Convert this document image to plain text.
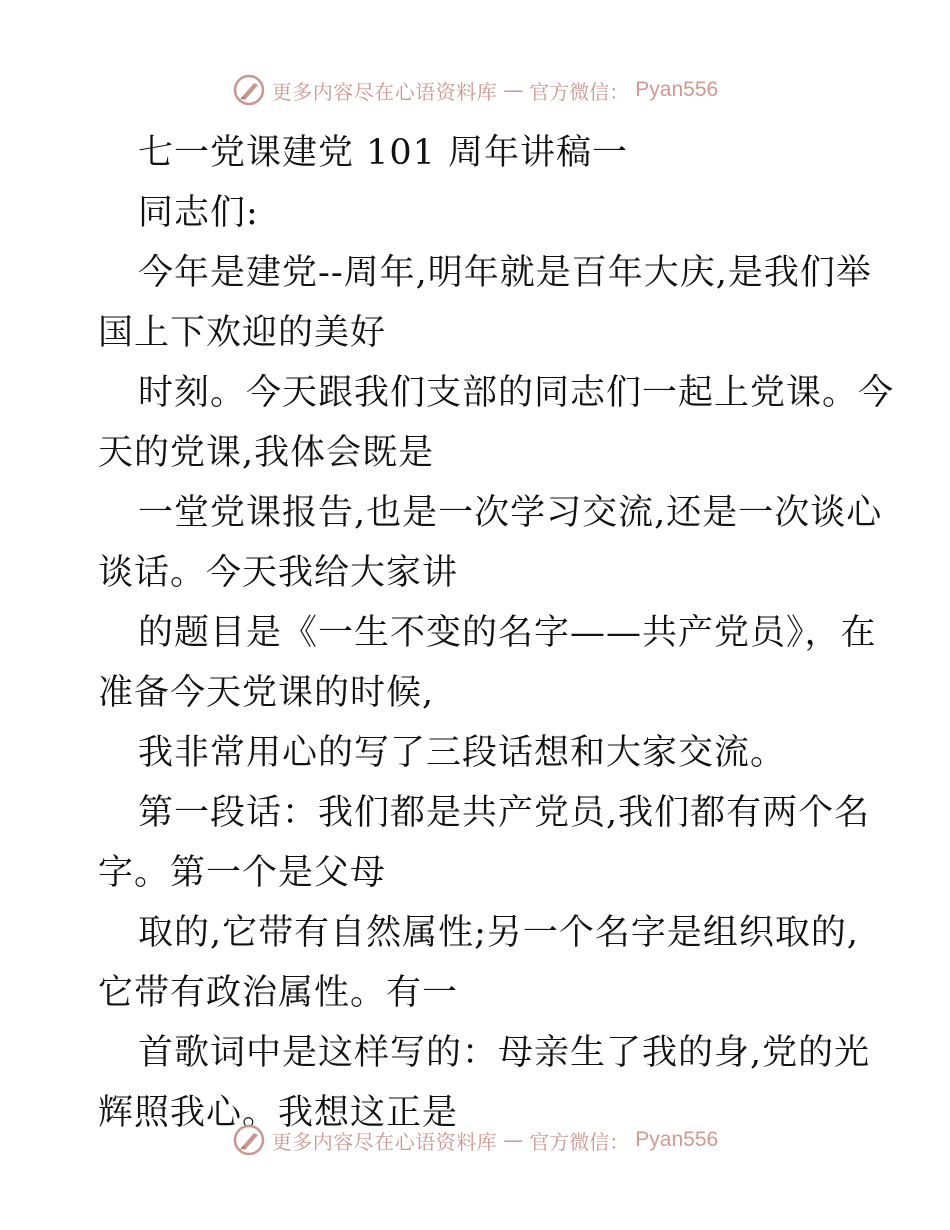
更多内容尽在心语资料库 — 官方微信： Pyan556
七一党课建党 101 周年讲稿一
同志们:
今年是建党--周年,明年就是百年大庆,是我们举
国上下欢迎的美好
时刻。今天跟我们支部的同志们一起上党课。今
天的党课,我体会既是
一堂党课报告,也是一次学习交流,还是一次谈心
谈话。今天我给大家讲
的题目是《一生不变的名字——共产党员》，在
准备今天党课的时候,
我非常用心的写了三段话想和大家交流。
第一段话：我们都是共产党员,我们都有两个名
字。第一个是父母
取的,它带有自然属性;另一个名字是组织取的,
它带有政治属性。有一
首歌词中是这样写的：母亲生了我的身,党的光
辉照我心。我想这正是
更多内容尽在心语资料库 — 官方微信： Pyan556
